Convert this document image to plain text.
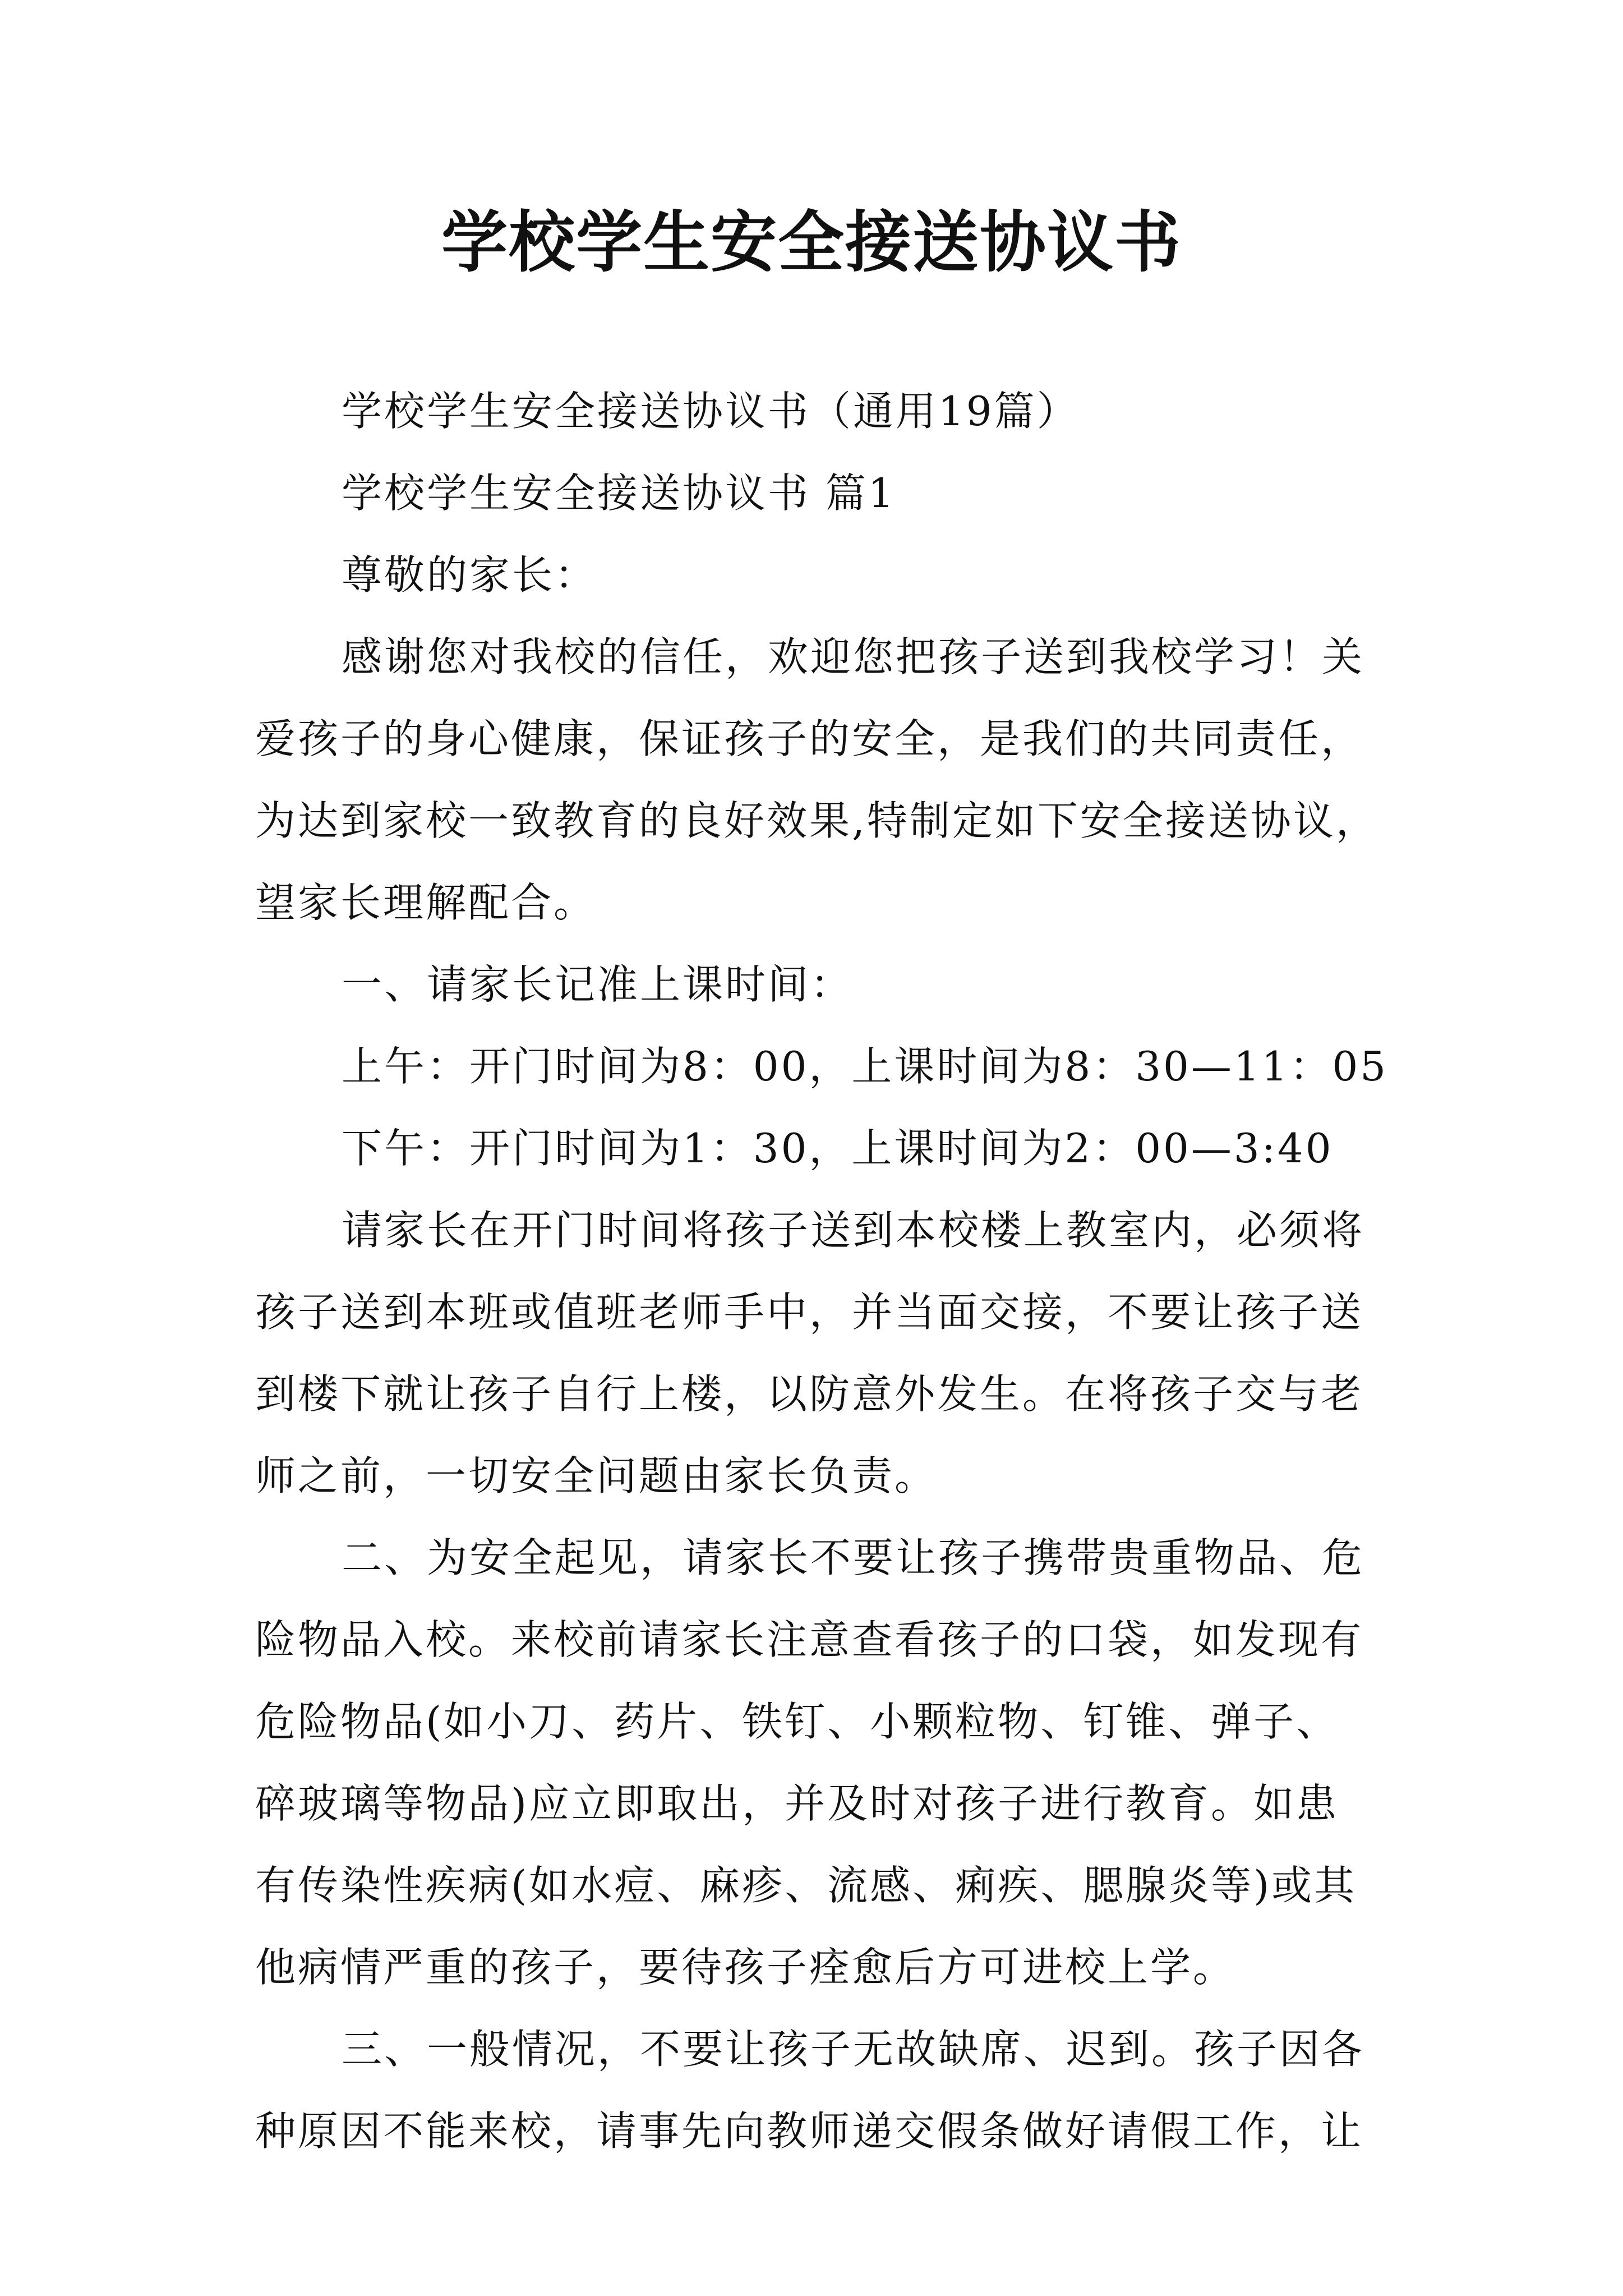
学校学生安全接送协议书
学校学生安全接送协议书（通用19篇）
学校学生安全接送协议书 篇1
尊敬的家长：
感谢您对我校的信任，欢迎您把孩子送到我校学习！关
爱孩子的身心健康，保证孩子的安全，是我们的共同责任，
为达到家校一致教育的良好效果,特制定如下安全接送协议，
望家长理解配合。
一、请家长记准上课时间：
上午：开门时间为8：00，上课时间为8：30—11：05
下午：开门时间为1：30，上课时间为2：00—3:40
请家长在开门时间将孩子送到本校楼上教室内，必须将
孩子送到本班或值班老师手中，并当面交接，不要让孩子送
到楼下就让孩子自行上楼，以防意外发生。在将孩子交与老
师之前，一切安全问题由家长负责。
二、为安全起见，请家长不要让孩子携带贵重物品、危
险物品入校。来校前请家长注意查看孩子的口袋，如发现有
危险物品(如小刀、药片、铁钉、小颗粒物、钉锥、弹子、
碎玻璃等物品)应立即取出，并及时对孩子进行教育。如患
有传染性疾病(如水痘、麻疹、流感、痢疾、腮腺炎等)或其
他病情严重的孩子，要待孩子痊愈后方可进校上学。
三、一般情况，不要让孩子无故缺席、迟到。孩子因各
种原因不能来校，请事先向教师递交假条做好请假工作，让
